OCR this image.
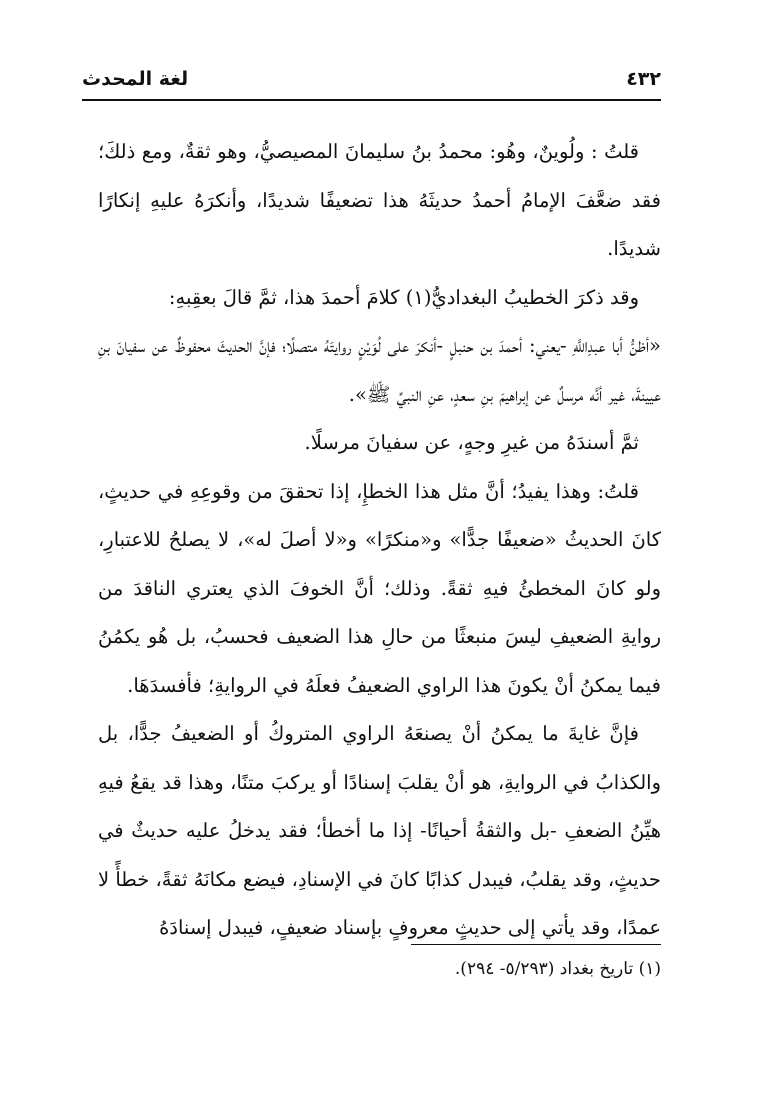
٤٣٢
لغة المحدث

قلتُ : ولُوينٌ، وهُو: محمدُ بنُ سليمانَ المصيصيُّ، وهو ثقةٌ، ومع ذلكَ؛ فقد ضعَّفَ الإمامُ أحمدُ حديثَهُ هذا تضعيفًا شديدًا، وأنكرَهُ عليهِ إنكارًا شديدًا.

وقد ذكرَ الخطيبُ البغداديُّ(١) كلامَ أحمدَ هذا، ثمَّ قالَ بعقِبهِ:

«أظنُّ أبا عبدِاللَّهِ -يعني: أحمدَ بن حنبلٍ -أنكرَ على لُوَيْنٍ روايتَهُ متصلًا؛ فإنَّ الحديثَ محفوظٌ عن سفيانَ بنِ عيينةَ، غير أنَّه مرسلٌ عن إبراهيمَ بنِ سعدٍ، عنِ النبيِّ ﷺ».

ثمَّ أسندَهُ من غيرِ وجهٍ، عن سفيانَ مرسلًا.

قلتُ: وهذا يفيدُ؛ أنَّ مثل هذا الخطإِ، إذا تحققَ من وقوعِهِ في حديثٍ، كانَ الحديثُ «ضعيفًا جدًّا» و«منكرًا» و«لا أصلَ له»، لا يصلحُ للاعتبارِ، ولو كانَ المخطئُ فيهِ ثقةً. وذلك؛ أنَّ الخوفَ الذي يعتري الناقدَ من روايةِ الضعيفِ ليسَ منبعثًا من حالِ هذا الضعيف فحسبُ، بل هُو يكمُنُ فيما يمكنُ أنْ يكونَ هذا الراوي الضعيفُ فعلَهُ في الروايةِ؛ فأفسدَهَا.

فإنَّ غايةَ ما يمكنُ أنْ يصنعَهُ الراوي المتروكُ أو الضعيفُ جدًّا، بل والكذابُ في الروايةِ، هو أنْ يقلبَ إسنادًا أو يركبَ متنًا، وهذا قد يقعُ فيهِ هيِّنُ الضعفِ -بل والثقةُ أحيانًا- إذا ما أخطأ؛ فقد يدخلُ عليه حديثٌ في حديثٍ، وقد يقلبُ، فيبدل كذابًا كانَ في الإسنادِ، فيضع مكانَهُ ثقةً، خطأً لا عمدًا، وقد يأتي إلى حديثٍ معروفٍ بإسناد ضعيفٍ، فيبدل إسنادَهُ

(١) تاريخ بغداد (٥/٢٩٣- ٢٩٤).
